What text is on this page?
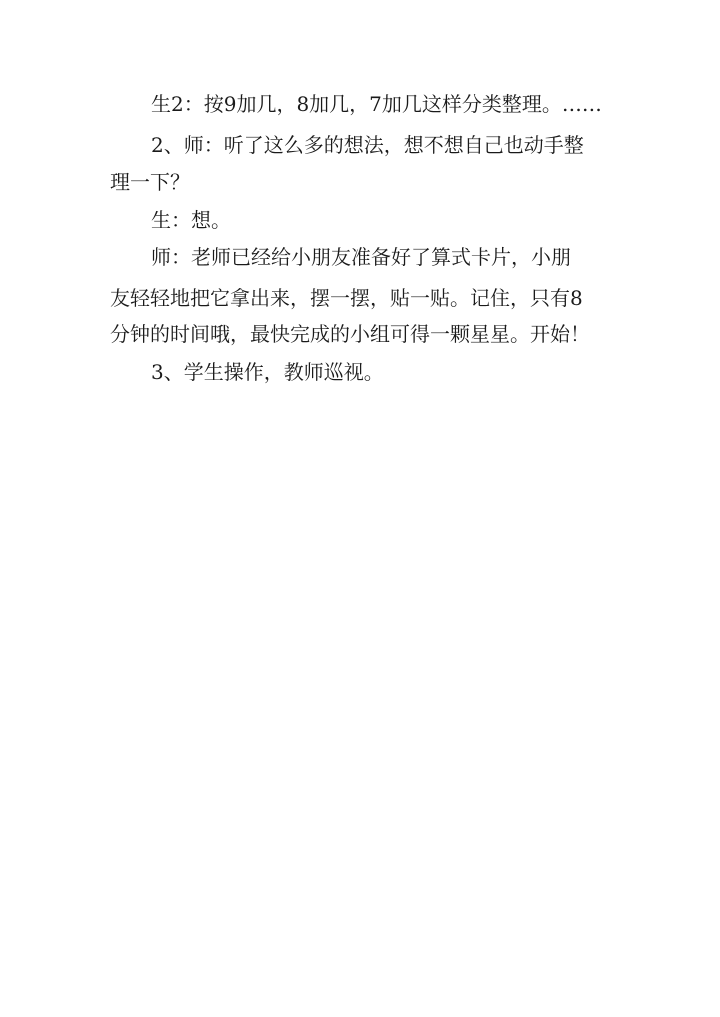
生2：按9加几，8加几，7加几这样分类整理。……

2、师：听了这么多的想法，想不想自己也动手整

理一下？

生：想。

师：老师已经给小朋友准备好了算式卡片，小朋

友轻轻地把它拿出来，摆一摆，贴一贴。记住，只有8

分钟的时间哦，最快完成的小组可得一颗星星。开始！

3、学生操作，教师巡视。
